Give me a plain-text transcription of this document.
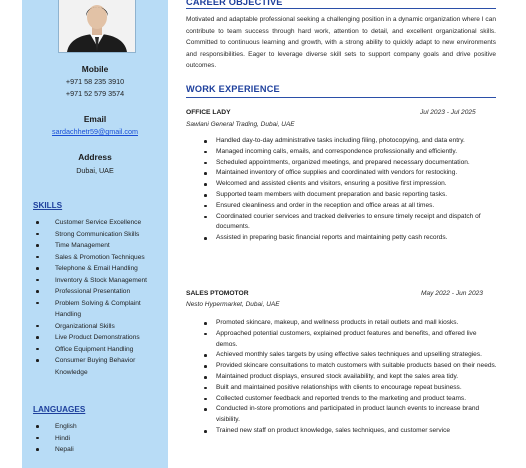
Mobile
+971 58 235 3910
+971 52 579 3574
Email
sardachhetr59@gmail.com
Address
Dubai, UAE
SKILLS
Customer Service Excellence
Strong Communication Skills
Time Management
Sales & Promotion Techniques
Telephone & Email Handling
Inventory & Stock Management
Professional Presentation
Problem Solving & Complaint Handling
Organizational Skills
Live Product Demonstrations
Office Equipment Handling
Consumer Buying Behavior Knowledge
LANGUAGES
English
Hindi
Nepali
CAREER OBJECTIVE
Motivated and adaptable professional seeking a challenging position in a dynamic organization where I can contribute to team success through hard work, attention to detail, and excellent organizational skills. Committed to continuous learning and growth, with a strong ability to quickly adapt to new environments and responsibilities. Eager to leverage diverse skill sets to support company goals and drive positive outcomes.
WORK EXPERIENCE
OFFICE LADY	Jul 2023 - Jul 2025
Sawlani General Trading, Dubai, UAE
Handled day-to-day administrative tasks including filing, photocopying, and data entry.
Managed incoming calls, emails, and correspondence professionally and efficiently.
Scheduled appointments, organized meetings, and prepared necessary documentation.
Maintained inventory of office supplies and coordinated with vendors for restocking.
Welcomed and assisted clients and visitors, ensuring a positive first impression.
Supported team members with document preparation and basic reporting tasks.
Ensured cleanliness and order in the reception and office areas at all times.
Coordinated courier services and tracked deliveries to ensure timely receipt and dispatch of documents.
Assisted in preparing basic financial reports and maintaining petty cash records.
SALES PTOMOTOR	May 2022 - Jun 2023
Nesto Hypermarket, Dubai, UAE
Promoted skincare, makeup, and wellness products in retail outlets and mall kiosks.
Approached potential customers, explained product features and benefits, and offered live demos.
Achieved monthly sales targets by using effective sales techniques and upselling strategies.
Provided skincare consultations to match customers with suitable products based on their needs.
Maintained product displays, ensured stock availability, and kept the sales area tidy.
Built and maintained positive relationships with clients to encourage repeat business.
Collected customer feedback and reported trends to the marketing and product teams.
Conducted in-store promotions and participated in product launch events to increase brand visibility.
Trained new staff on product knowledge, sales techniques, and customer service
